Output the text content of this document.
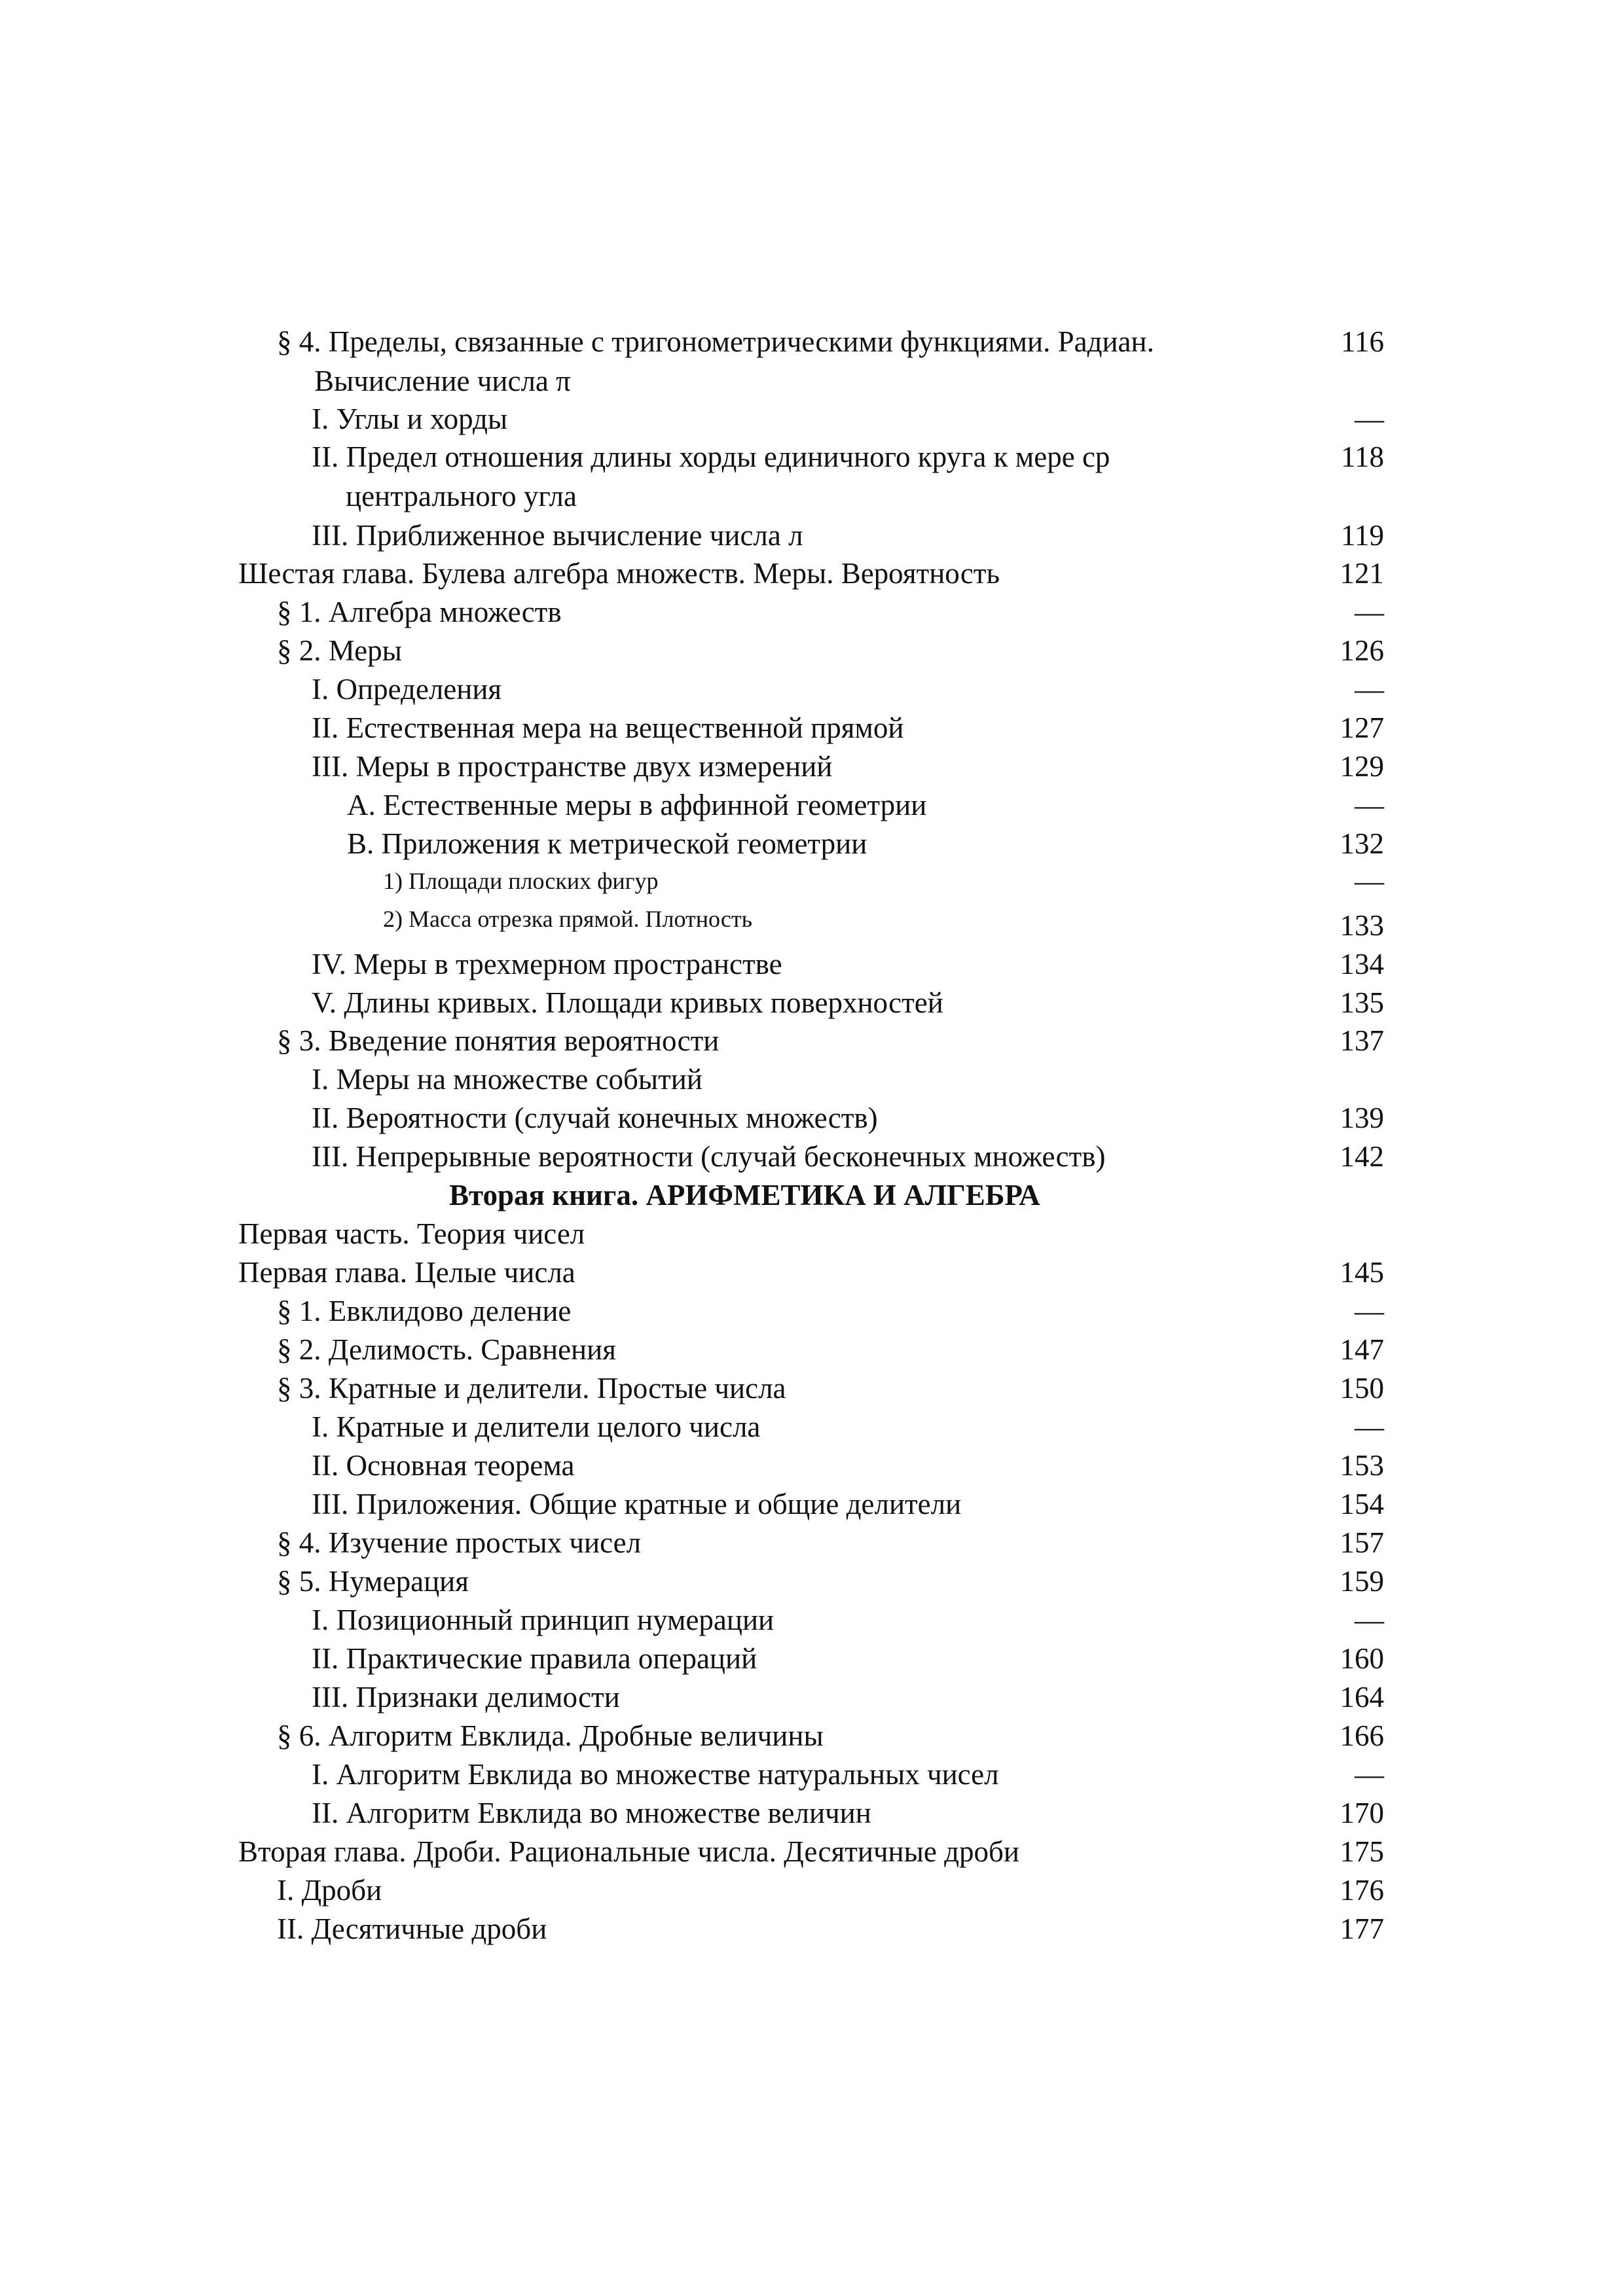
§ 4. Пределы, связанные с тригонометрическими функциями. Радиан.	116
Вычисление числа π
I. Углы и хорды	—
II. Предел отношения длины хорды единичного круга к мере ср	118
центрального угла
III. Приближенное вычисление числа л	119
Шестая глава. Булева алгебра множеств. Меры. Вероятность	121
§ 1. Алгебра множеств	—
§ 2. Меры	126
I. Определения	—
II. Естественная мера на вещественной прямой	127
III. Меры в пространстве двух измерений	129
A. Естественные меры в аффинной геометрии	—
B. Приложения к метрической геометрии	132
1) Площади плоских фигур	—
2) Масса отрезка прямой. Плотность	133
IV. Меры в трехмерном пространстве	134
V. Длины кривых. Площади кривых поверхностей	135
§ 3. Введение понятия вероятности	137
I. Меры на множестве событий
II. Вероятности (случай конечных множеств)	139
III. Непрерывные вероятности (случай бесконечных множеств)	142
Вторая книга. АРИФМЕТИКА И АЛГЕБРА
Первая часть. Теория чисел
Первая глава. Целые числа	145
§ 1. Евклидово деление	—
§ 2. Делимость. Сравнения	147
§ 3. Кратные и делители. Простые числа	150
I. Кратные и делители целого числа	—
II. Основная теорема	153
III. Приложения. Общие кратные и общие делители	154
§ 4. Изучение простых чисел	157
§ 5. Нумерация	159
I. Позиционный принцип нумерации	—
II. Практические правила операций	160
III. Признаки делимости	164
§ 6. Алгоритм Евклида. Дробные величины	166
I. Алгоритм Евклида во множестве натуральных чисел	—
II. Алгоритм Евклида во множестве величин	170
Вторая глава. Дроби. Рациональные числа. Десятичные дроби	175
I. Дроби	176
II. Десятичные дроби	177
